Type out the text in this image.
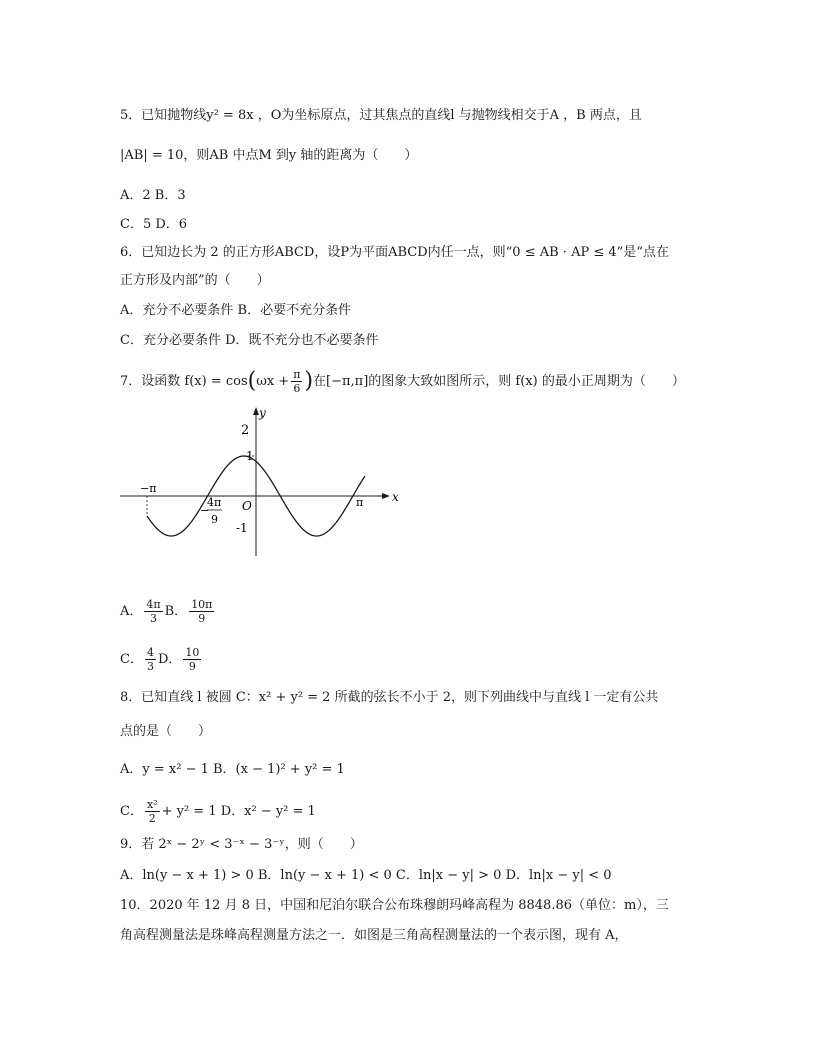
5．已知抛物线y² = 8x ，O为坐标原点，过其焦点的直线l 与抛物线相交于A ，B 两点，且
|AB| = 10，则AB 中点M 到y 轴的距离为（　　）
A．2 B．3
C．5 D．6
6．已知边长为 2 的正方形ABCD，设P为平面ABCD内任一点，则“0 ≤ AB · AP ≤ 4”是“点在
正方形及内部”的（　　）
A．充分不必要条件 B．必要不充分条件
C．充分必要条件 D．既不充分也不必要条件
7．设函数 $f(x) = \cos(\omega x + \frac{\pi}{6}$ )在[−π,π]的图象大致如图所示，则 f(x) 的最小正周期为（　　）
y
x
2
1
-1
−π
π
O
−
4π
9
A． $\frac{4\pi}{3}$ B． $\frac{10\pi}{9}$
C． $\frac{4}{3}$ D． $\frac{10}{9}$
8．已知直线 l 被圆 C：x² + y² = 2 所截的弦长不小于 2，则下列曲线中与直线 l 一定有公共
点的是（　　）
A．y = x² − 1 B．(x − 1)² + y² = 1
C． $\frac{\text{x²}}{2} + y^2 = 1$ D．x² − y² = 1
9．若 2ˣ − 2ʸ < 3⁻ˣ − 3⁻ʸ，则（　　）
A．ln(y − x + 1) > 0 B．ln(y − x + 1) < 0 C．ln|x − y| > 0 D．ln|x − y| < 0
10．2020 年 12 月 8 日，中国和尼泊尔联合公布珠穆朗玛峰高程为 8848.86（单位：m），三
角高程测量法是珠峰高程测量方法之一．如图是三角高程测量法的一个表示图，现有 A，
